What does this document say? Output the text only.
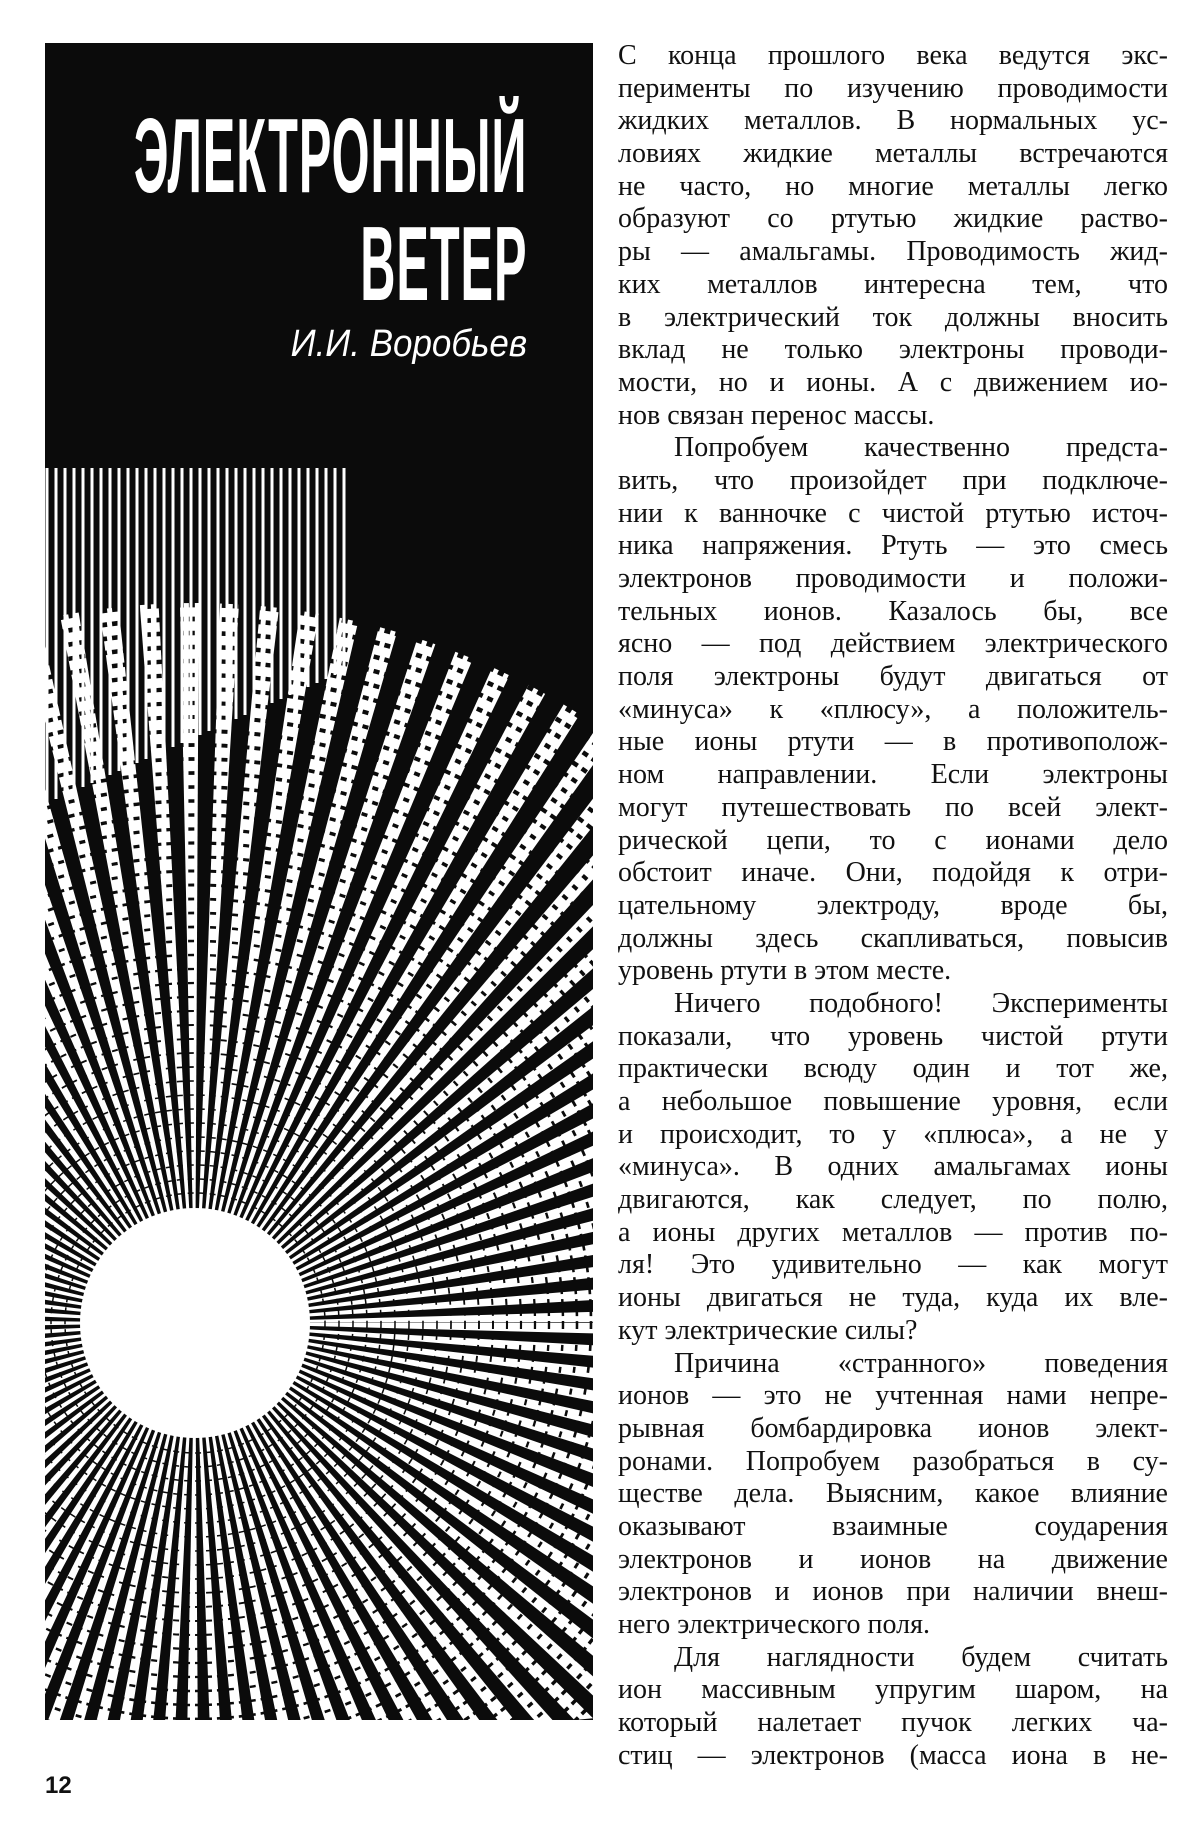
ЭЛЕКТРОННЫЙ
ВЕТЕР
И.И. Воробьев
С конца прошлого века ведутся экс-
перименты по изучению проводимости
жидких металлов. В нормальных ус-
ловиях жидкие металлы встречаются
не часто, но многие металлы легко
образуют со ртутью жидкие раство-
ры — амальгамы. Проводимость жид-
ких металлов интересна тем, что
в электрический ток должны вносить
вклад не только электроны проводи-
мости, но и ионы. А с движением ио-
нов связан перенос массы.
Попробуем качественно предста-
вить, что произойдет при подключе-
нии к ванночке с чистой ртутью источ-
ника напряжения. Ртуть — это смесь
электронов проводимости и положи-
тельных ионов. Казалось бы, все
ясно — под действием электрического
поля электроны будут двигаться от
«минуса» к «плюсу», а положитель-
ные ионы ртути — в противополож-
ном направлении. Если электроны
могут путешествовать по всей элект-
рической цепи, то с ионами дело
обстоит иначе. Они, подойдя к отри-
цательному электроду, вроде бы,
должны здесь скапливаться, повысив
уровень ртути в этом месте.
Ничего подобного! Эксперименты
показали, что уровень чистой ртути
практически всюду один и тот же,
а небольшое повышение уровня, если
и происходит, то у «плюса», а не у
«минуса». В одних амальгамах ионы
двигаются, как следует, по полю,
а ионы других металлов — против по-
ля! Это удивительно — как могут
ионы двигаться не туда, куда их вле-
кут электрические силы?
Причина «странного» поведения
ионов — это не учтенная нами непре-
рывная бомбардировка ионов элект-
ронами. Попробуем разобраться в су-
ществе дела. Выясним, какое влияние
оказывают взаимные соударения
электронов и ионов на движение
электронов и ионов при наличии внеш-
него электрического поля.
Для наглядности будем считать
ион массивным упругим шаром, на
который налетает пучок легких ча-
стиц — электронов (масса иона в не-
12
